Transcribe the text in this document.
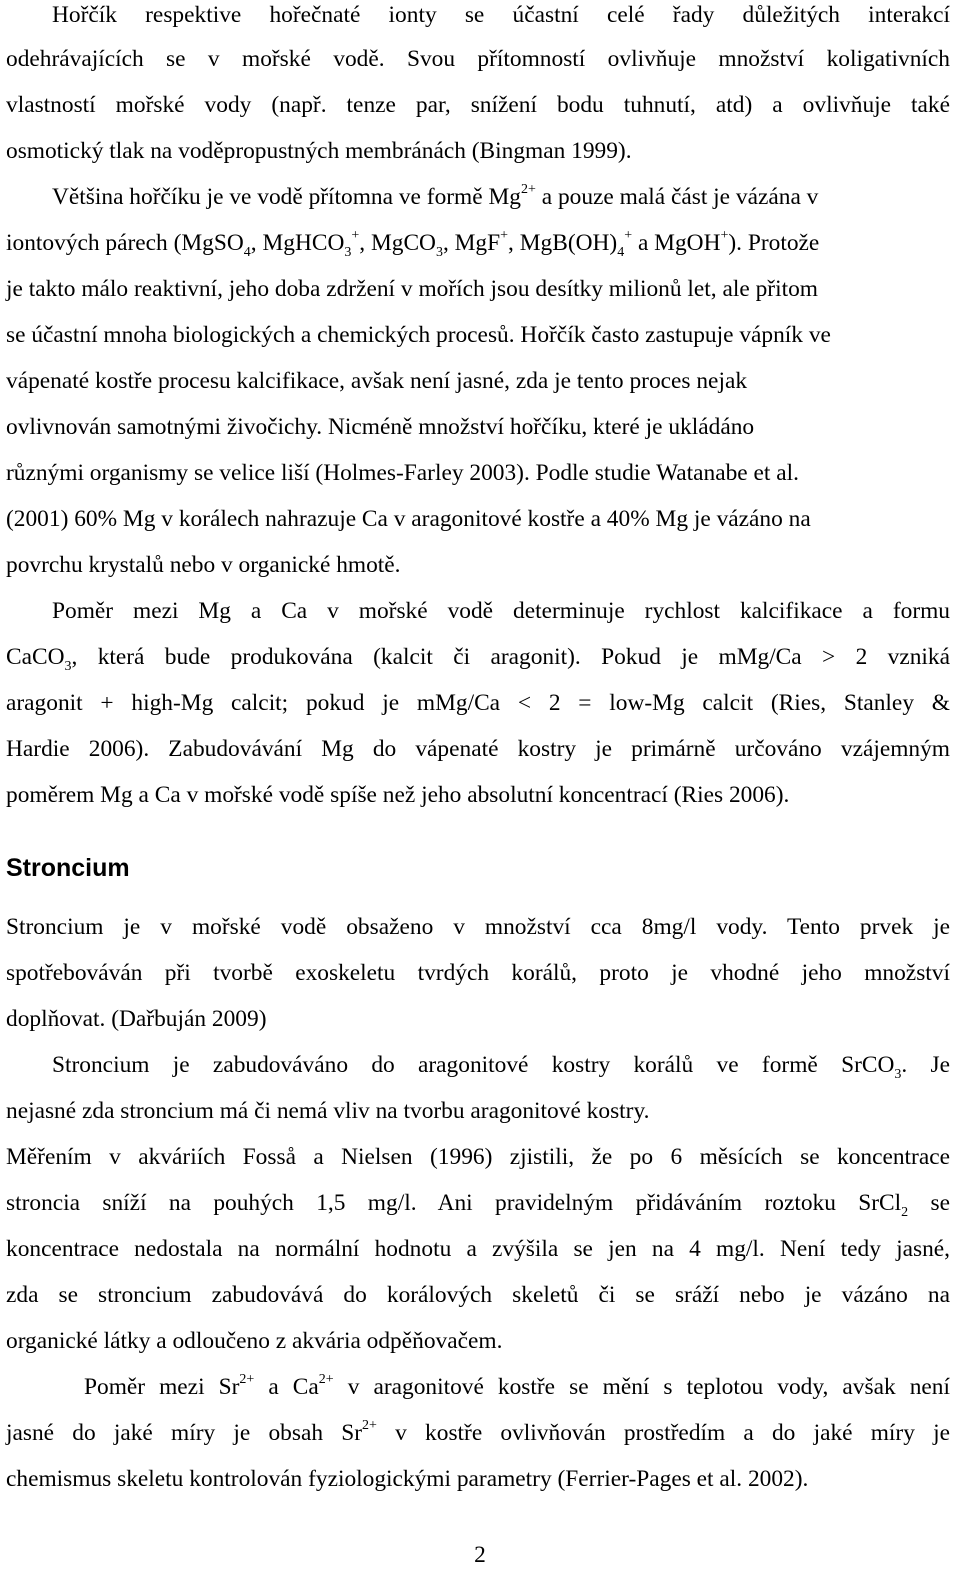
Hořčík respektive hořečnaté ionty se účastní celé řady důležitých interakcí
odehrávajících se v mořské vodě. Svou přítomností ovlivňuje množství koligativních
vlastností mořské vody (např. tenze par, snížení bodu tuhnutí, atd) a ovlivňuje také
osmotický tlak na voděpropustných membránách (Bingman 1999).
Většina hořčíku je ve vodě přítomna ve formě $Mg^{2+}$ a pouze malá část je vázána v
iontových párech (MgSO$_4$, MgHCO$_3$+, MgCO$_3$, MgF+, $MgB(OH)_4^+$ a MgOH+). Protože
je takto málo reaktivní, jeho doba zdržení v mořích jsou desítky milionů let, ale přitom
se účastní mnoha biologických a chemických procesů. Hořčík často zastupuje vápník ve
vápenaté kostře procesu kalcifikace, avšak není jasné, zda je tento proces nejak
ovlivnován samotnými živočichy. Nicméně množství hořčíku, které je ukládáno
různými organismy se velice liší (Holmes-Farley 2003). Podle studie Watanabe et al.
(2001) 60% Mg v korálech nahrazuje Ca v aragonitové kostře a 40% Mg je vázáno na
povrchu krystalů nebo v organické hmotě.
Poměr mezi Mg a Ca v mořské vodě determinuje rychlost kalcifikace a formu
CaCO$_3$, která bude produkována (kalcit či aragonit). Pokud je mMg/Ca > 2 vzniká
aragonit + high-Mg calcit; pokud je mMg/Ca < 2 = low-Mg calcit (Ries, Stanley &
Hardie 2006). Zabudovávání Mg do vápenaté kostry je primárně určováno vzájemným
poměrem Mg a Ca v mořské vodě spíše než jeho absolutní koncentrací (Ries 2006).
Stroncium
Stroncium je v mořské vodě obsaženo v množství cca 8mg/l vody. Tento prvek je
spotřebováván při tvorbě exoskeletu tvrdých korálů, proto je vhodné jeho množství
doplňovat. (Dařbuján 2009)
Stroncium je zabudováváno do aragonitové kostry korálů ve formě SrCO$_3$. Je
nejasné zda stroncium má či nemá vliv na tvorbu aragonitové kostry.
Měřením v akváriích Fosså a Nielsen (1996) zjistili, že po 6 měsících se koncentrace
stroncia sníží na pouhých 1,5 mg/l. Ani pravidelným přidáváním roztoku SrCl$_2$ se
koncentrace nedostala na normální hodnotu a zvýšila se jen na 4 mg/l. Není tedy jasné,
zda se stroncium zabudovává do korálových skeletů či se sráží nebo je vázáno na
organické látky a odloučeno z akvária odpěňovačem.
Poměr mezi $Sr^{2+}$ a $Ca^{2+}$ v aragonitové kostře se mění s teplotou vody, avšak není
jasné do jaké míry je obsah $Sr^{2+}$ v kostře ovlivňován prostředím a do jaké míry je
chemismus skeletu kontrolován fyziologickými parametry (Ferrier-Pages et al. 2002).
2
